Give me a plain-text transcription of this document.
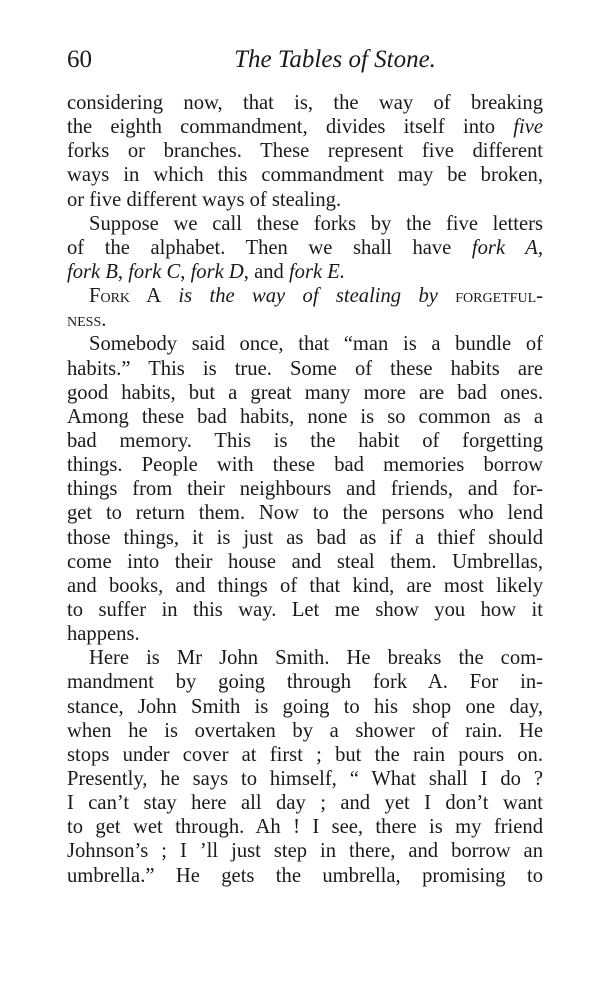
60	The Tables of Stone.
considering now, that is, the way of breaking
the eighth commandment, divides itself into five
forks or branches. These represent five different
ways in which this commandment may be broken,
or five different ways of stealing.
Suppose we call these forks by the five letters
of the alphabet. Then we shall have fork A,
fork B, fork C, fork D, and fork E.
Fork A is the way of stealing by forgetful-
ness.
Somebody said once, that “man is a bundle of
habits.” This is true. Some of these habits are
good habits, but a great many more are bad ones.
Among these bad habits, none is so common as a
bad memory. This is the habit of forgetting
things. People with these bad memories borrow
things from their neighbours and friends, and for-
get to return them. Now to the persons who lend
those things, it is just as bad as if a thief should
come into their house and steal them. Umbrellas,
and books, and things of that kind, are most likely
to suffer in this way. Let me show you how it
happens.
Here is Mr John Smith. He breaks the com-
mandment by going through fork A. For in-
stance, John Smith is going to his shop one day,
when he is overtaken by a shower of rain. He
stops under cover at first ; but the rain pours on.
Presently, he says to himself, “ What shall I do ?
I can’t stay here all day ; and yet I don’t want
to get wet through. Ah ! I see, there is my friend
Johnson’s ; I ’ll just step in there, and borrow an
umbrella.” He gets the umbrella, promising to
